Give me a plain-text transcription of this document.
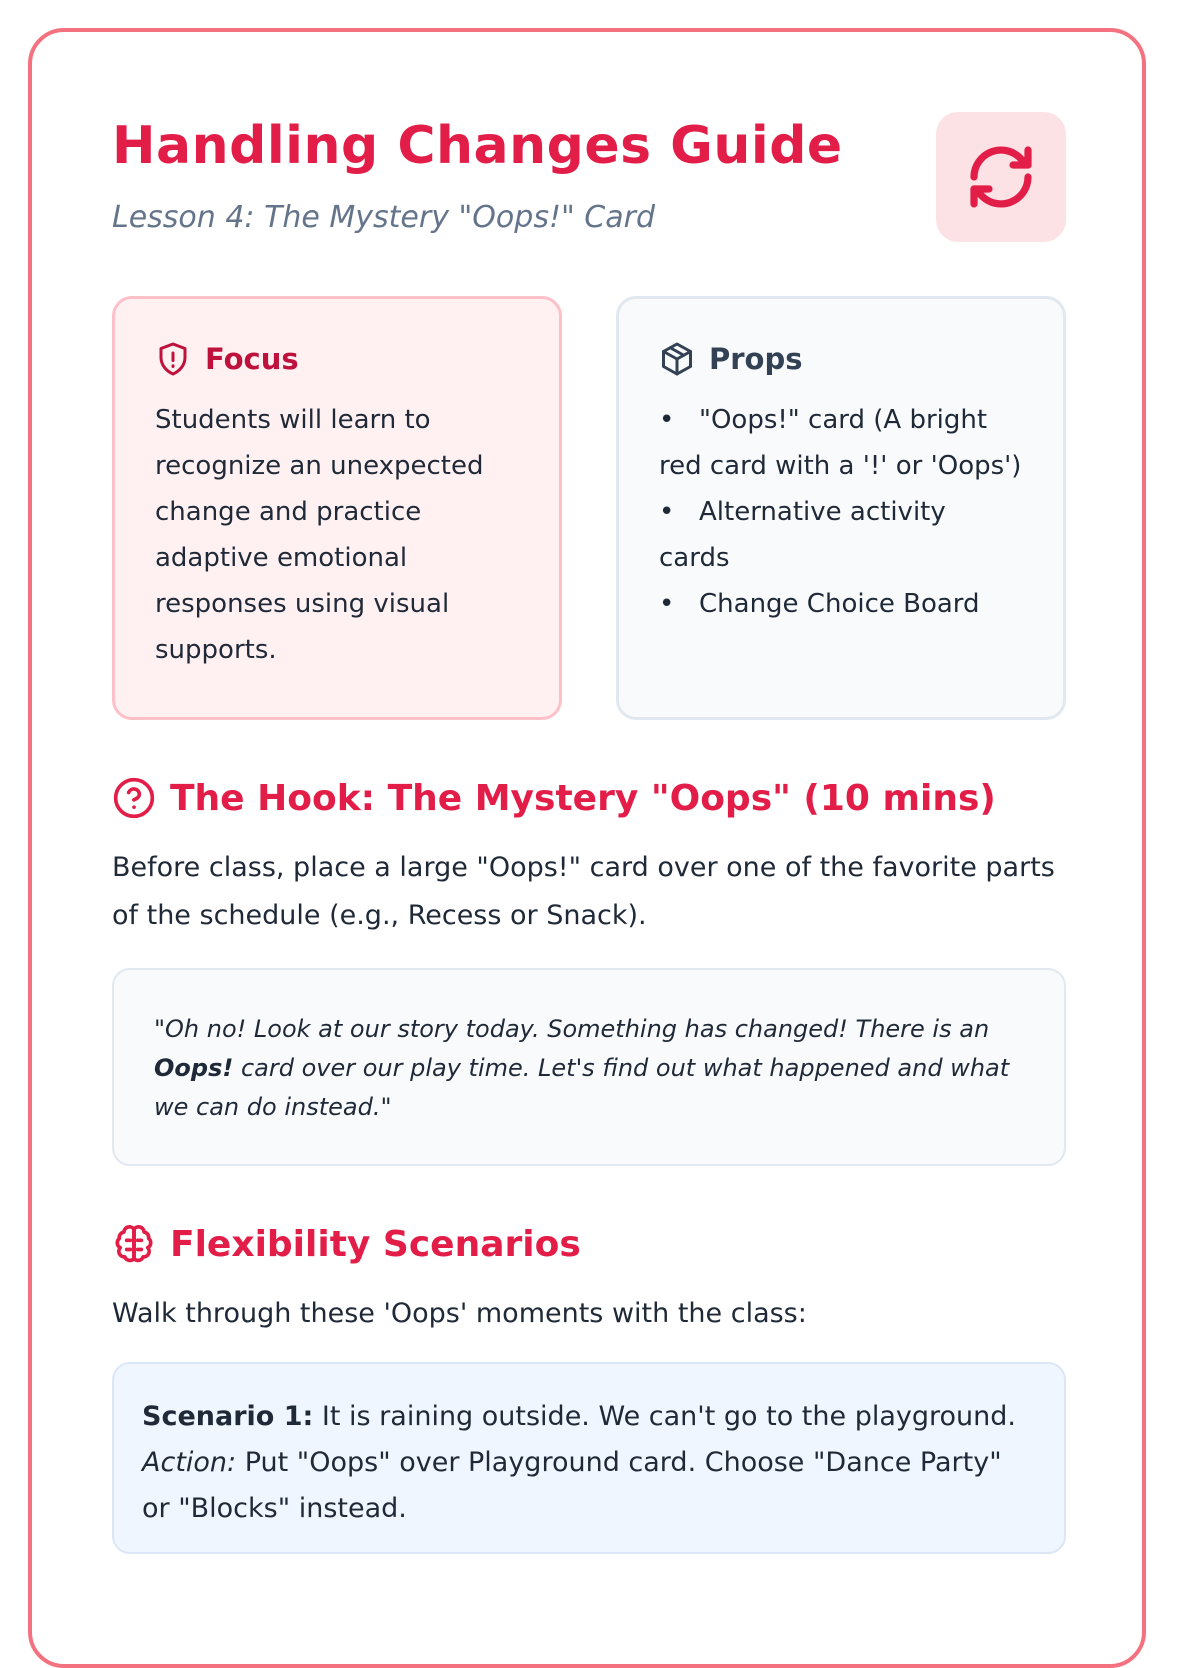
Handling Changes Guide
Lesson 4: The Mystery "Oops!" Card
Focus
Students will learn to recognize an unexpected change and practice adaptive emotional responses using visual supports.
Props
• "Oops!" card (A bright red card with a '!' or 'Oops')
• Alternative activity cards
• Change Choice Board
The Hook: The Mystery "Oops" (10 mins)
Before class, place a large "Oops!" card over one of the favorite parts of the schedule (e.g., Recess or Snack).
"Oh no! Look at our story today. Something has changed! There is an Oops! card over our play time. Let's find out what happened and what we can do instead."
Flexibility Scenarios
Walk through these 'Oops' moments with the class:
Scenario 1: It is raining outside. We can't go to the playground.
Action: Put "Oops" over Playground card. Choose "Dance Party" or "Blocks" instead.
